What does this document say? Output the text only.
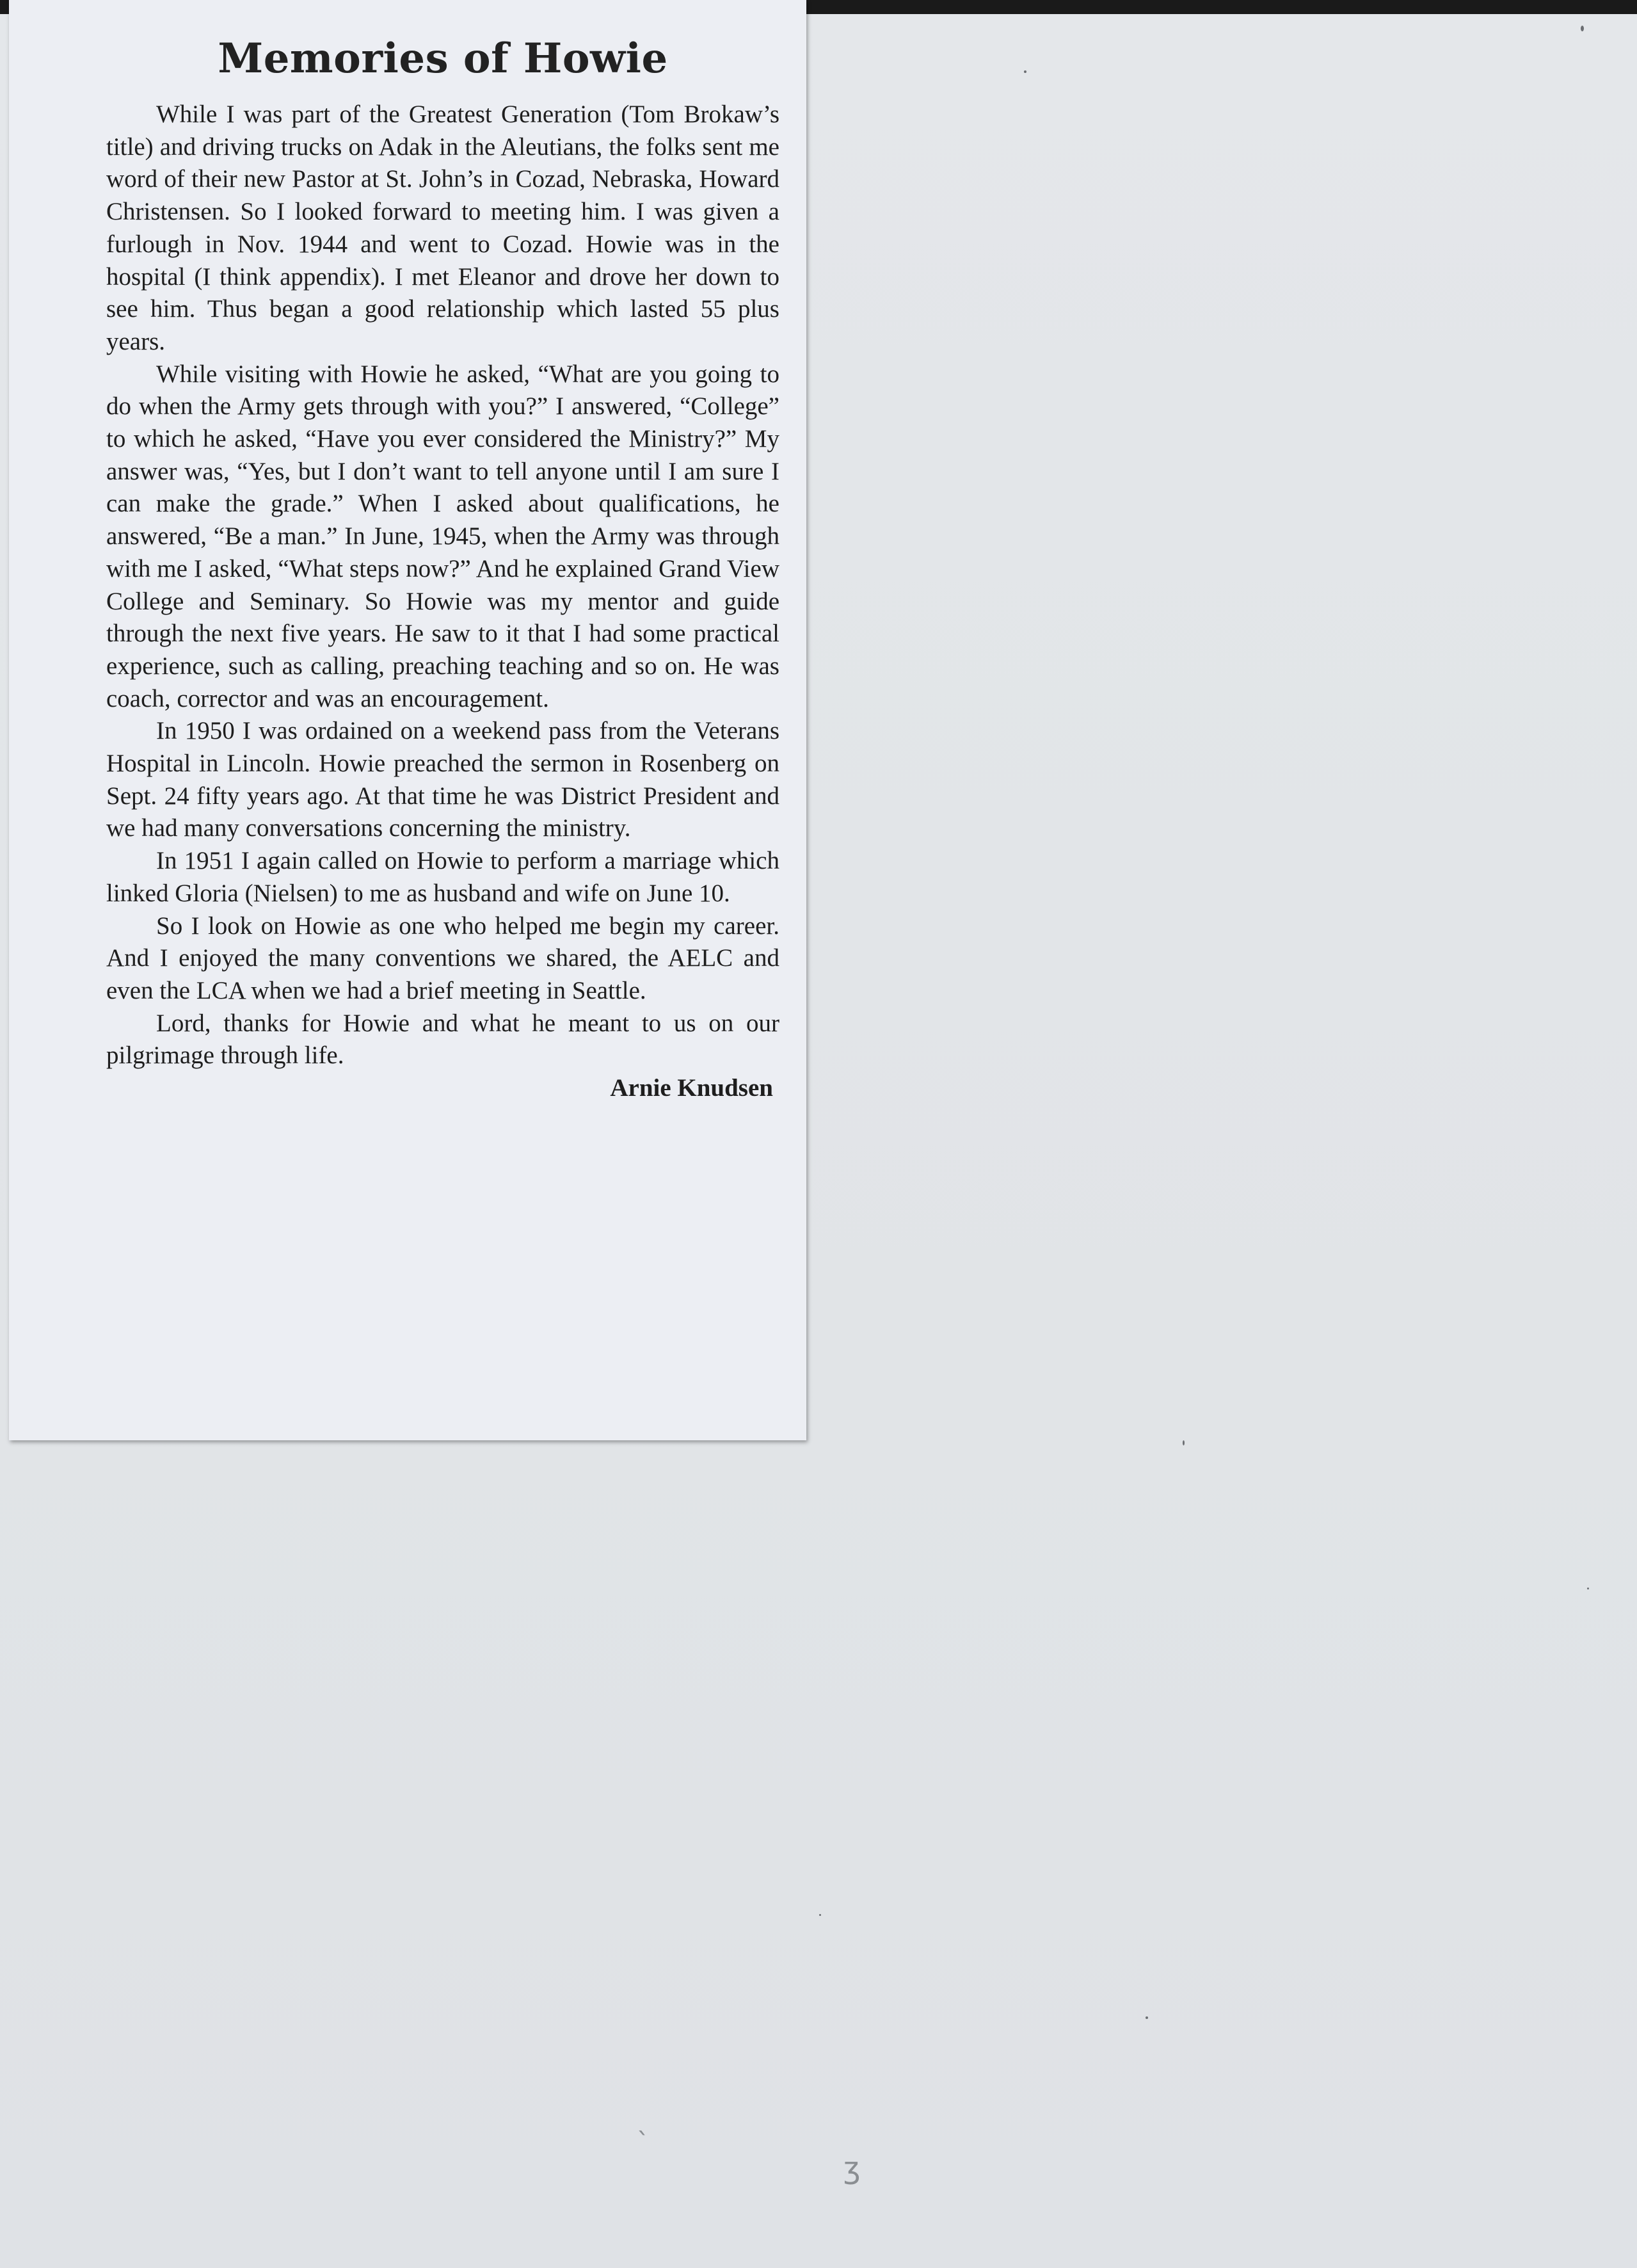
Memories of Howie

While I was part of the Greatest Generation (Tom Brokaw’s title) and driving trucks on Adak in the Aleutians, the folks sent me word of their new Pastor at St. John’s in Cozad, Nebraska, Howard Christensen. So I looked forward to meeting him. I was given a furlough in Nov. 1944 and went to Cozad. Howie was in the hospital (I think appendix). I met Eleanor and drove her down to see him. Thus began a good relationship which lasted 55 plus years.

While visiting with Howie he asked, “What are you going to do when the Army gets through with you?” I answered, “College” to which he asked, “Have you ever considered the Ministry?” My answer was, “Yes, but I don’t want to tell anyone until I am sure I can make the grade.” When I asked about qualifications, he answered, “Be a man.” In June, 1945, when the Army was through with me I asked, “What steps now?” And he explained Grand View College and Seminary. So Howie was my mentor and guide through the next five years. He saw to it that I had some practical experience, such as calling, preaching teaching and so on. He was coach, corrector and was an encouragement.

In 1950 I was ordained on a weekend pass from the Veterans Hospital in Lincoln. Howie preached the sermon in Rosenberg on Sept. 24 fifty years ago. At that time he was District President and we had many conversations concerning the ministry.

In 1951 I again called on Howie to perform a marriage which linked Gloria (Nielsen) to me as husband and wife on June 10.

So I look on Howie as one who helped me begin my career. And I enjoyed the many conventions we shared, the AELC and even the LCA when we had a brief meeting in Seattle.

Lord, thanks for Howie and what he meant to us on our pilgrimage through life.

Arnie Knudsen

ʒ
ˎ
